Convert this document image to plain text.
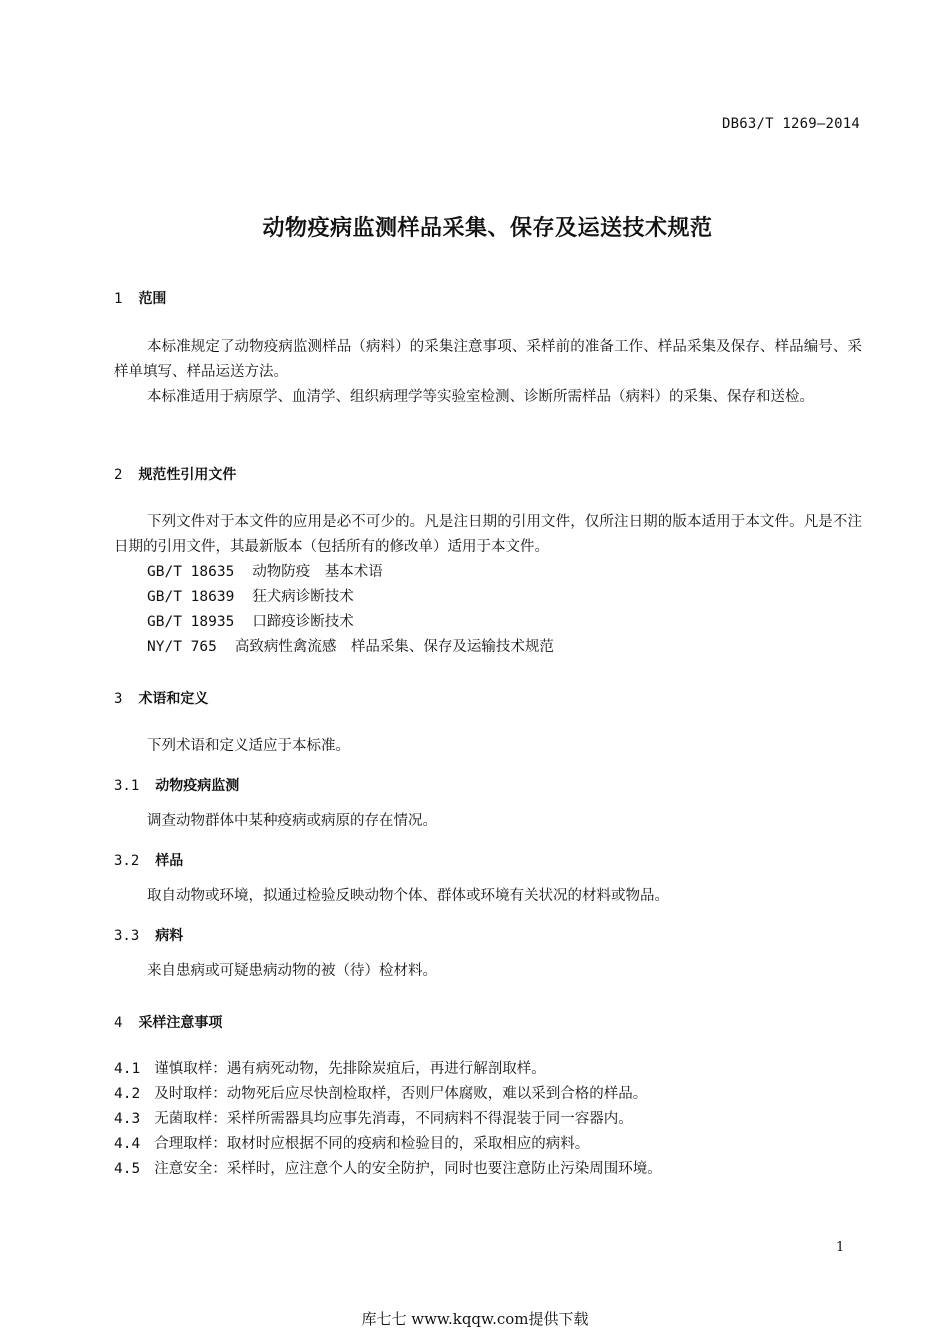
DB63/T 1269—2014
动物疫病监测样品采集、保存及运送技术规范
1 范围
本标准规定了动物疫病监测样品（病料）的采集注意事项、采样前的准备工作、样品采集及保存、样品编号、采样单填写、样品运送方法。
本标准适用于病原学、血清学、组织病理学等实验室检测、诊断所需样品（病料）的采集、保存和送检。
2 规范性引用文件
下列文件对于本文件的应用是必不可少的。凡是注日期的引用文件，仅所注日期的版本适用于本文件。凡是不注日期的引用文件，其最新版本（包括所有的修改单）适用于本文件。
GB/T 18635 动物防疫　基本术语
GB/T 18639 狂犬病诊断技术
GB/T 18935 口蹄疫诊断技术
NY/T 765 高致病性禽流感　样品采集、保存及运输技术规范
3 术语和定义
下列术语和定义适应于本标准。
3.1 动物疫病监测
调查动物群体中某种疫病或病原的存在情况。
3.2 样品
取自动物或环境，拟通过检验反映动物个体、群体或环境有关状况的材料或物品。
3.3 病料
来自患病或可疑患病动物的被（待）检材料。
4 采样注意事项
4.1 谨慎取样：遇有病死动物，先排除炭疽后，再进行解剖取样。
4.2 及时取样：动物死后应尽快剖检取样，否则尸体腐败，难以采到合格的样品。
4.3 无菌取样：采样所需器具均应事先消毒，不同病料不得混装于同一容器内。
4.4 合理取样：取材时应根据不同的疫病和检验目的，采取相应的病料。
4.5 注意安全：采样时，应注意个人的安全防护，同时也要注意防止污染周围环境。
1
库七七 www.kqqw.com提供下载
